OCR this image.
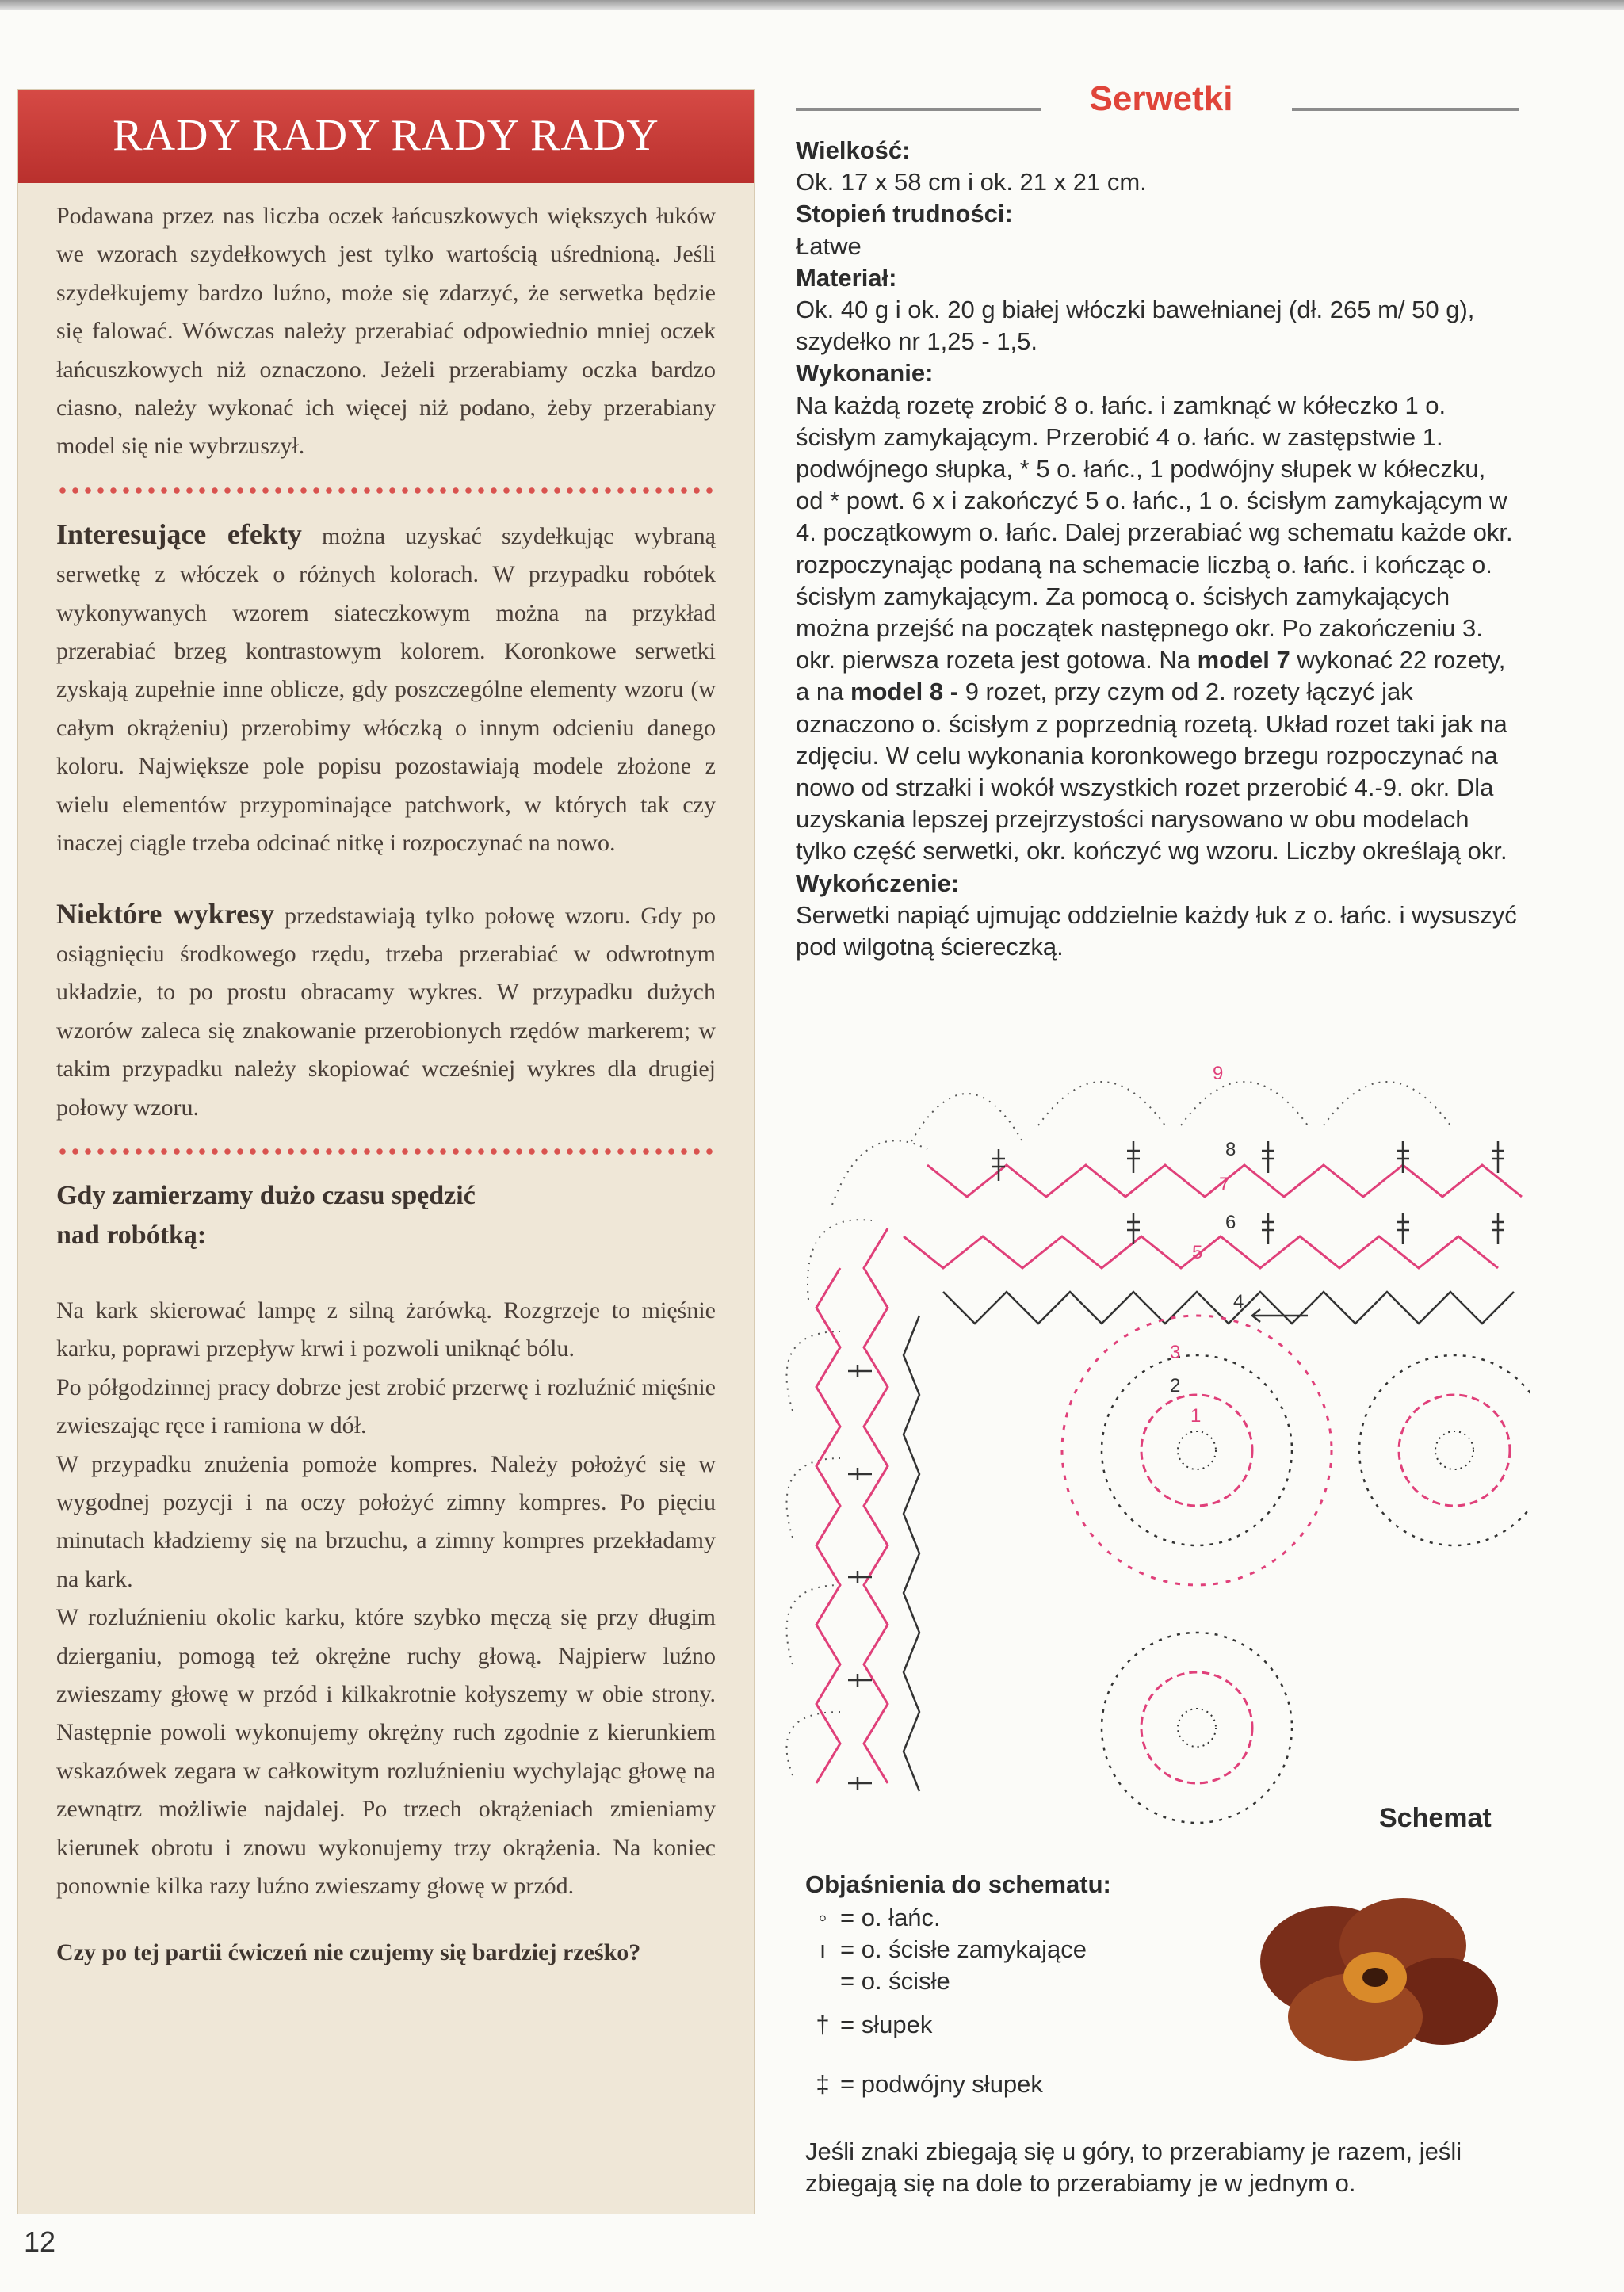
RADY RADY RADY RADY

Podawana przez nas liczba oczek łańcuszkowych większych łuków we wzorach szydełkowych jest tylko wartością uśrednioną. Jeśli szydełkujemy bardzo luźno, może się zdarzyć, że serwetka będzie się falować. Wówczas należy przerabiać odpowiednio mniej oczek łańcuszkowych niż oznaczono. Jeżeli przerabiamy oczka bardzo ciasno, należy wykonać ich więcej niż podano, żeby przerabiany model się nie wybrzuszył.

Interesujące efekty można uzyskać szydełkując wybraną serwetkę z włóczek o różnych kolorach. W przypadku robótek wykonywanych wzorem siateczkowym można na przykład przerabiać brzeg kontrastowym kolorem. Koronkowe serwetki zyskają zupełnie inne oblicze, gdy poszczególne elementy wzoru (w całym okrążeniu) przerobimy włóczką o innym odcieniu danego koloru. Największe pole popisu pozostawiają modele złożone z wielu elementów przypominające patchwork, w których tak czy inaczej ciągle trzeba odcinać nitkę i rozpoczynać na nowo.

Niektóre wykresy przedstawiają tylko połowę wzoru. Gdy po osiągnięciu środkowego rzędu, trzeba przerabiać w odwrotnym układzie, to po prostu obracamy wykres. W przypadku dużych wzorów zaleca się znakowanie przerobionych rzędów markerem; w takim przypadku należy skopiować wcześniej wykres dla drugiej połowy wzoru.

Gdy zamierzamy dużo czasu spędzić
nad robótką:

Na kark skierować lampę z silną żarówką. Rozgrzeje to mięśnie karku, poprawi przepływ krwi i pozwoli uniknąć bólu.

Po półgodzinnej pracy dobrze jest zrobić przerwę i rozluźnić mięśnie zwieszając ręce i ramiona w dół.

W przypadku znużenia pomoże kompres. Należy położyć się w wygodnej pozycji i na oczy położyć zimny kompres. Po pięciu minutach kładziemy się na brzuchu, a zimny kompres przekładamy na kark.

W rozluźnieniu okolic karku, które szybko męczą się przy długim dzierganiu, pomogą też okrężne ruchy głową. Najpierw luźno zwieszamy głowę w przód i kilkakrotnie kołyszemy w obie strony. Następnie powoli wykonujemy okrężny ruch zgodnie z kierunkiem wskazówek zegara w całkowitym rozluźnieniu wychylając głowę na zewnątrz możliwie najdalej. Po trzech okrążeniach zmieniamy kierunek obrotu i znowu wykonujemy trzy okrążenia. Na koniec ponownie kilka razy luźno zwieszamy głowę w przód.

Czy po tej partii ćwiczeń nie czujemy się bardziej rześko?

12
Serwetki

Wielkość:

Ok. 17 x 58 cm i ok. 21 x 21 cm.

Stopień trudności:

Łatwe

Materiał:

Ok. 40 g i ok. 20 g białej włóczki bawełnianej (dł. 265 m/ 50 g), szydełko nr 1,25 - 1,5.

Wykonanie:

Na każdą rozetę zrobić 8 o. łańc. i zamknąć w kółeczko 1 o. ścisłym zamykającym. Przerobić 4 o. łańc. w zastępstwie 1. podwójnego słupka, * 5 o. łańc., 1 podwójny słupek w kółeczku, od * powt. 6 x i zakończyć 5 o. łańc., 1 o. ścisłym zamykającym w 4. początkowym o. łańc. Dalej przerabiać wg schematu każde okr. rozpoczynając podaną na schemacie liczbą o. łańc. i kończąc o. ścisłym zamykającym. Za pomocą o. ścisłych zamykających można przejść na początek następnego okr. Po zakończeniu 3. okr. pierwsza rozeta jest gotowa. Na model 7 wykonać 22 rozety, a na model 8 - 9 rozet, przy czym od 2. rozety łączyć jak oznaczono o. ścisłym z poprzednią rozetą. Układ rozet taki jak na zdjęciu. W celu wykonania koronkowego brzegu rozpoczynać na nowo od strzałki i wokół wszystkich rozet przerobić 4.-9. okr. Dla uzyskania lepszej przejrzystości narysowano w obu modelach tylko część serwetki, okr. kończyć wg wzoru. Liczby określają okr.

Wykończenie:

Serwetki napiąć ujmując oddzielnie każdy łuk z o. łańc. i wysuszyć pod wilgotną ściereczką.

9
8
7
6
5
4
3
2
1
Schemat
Objaśnienia do schematu:
◦ = o. łańc.
ı = o. ścisłe zamykające
= o. ścisłe
† = słupek
‡ = podwójny słupek
Jeśli znaki zbiegają się u góry, to przerabiamy je razem, jeśli zbiegają się na dole to przerabiamy je w jednym o.
